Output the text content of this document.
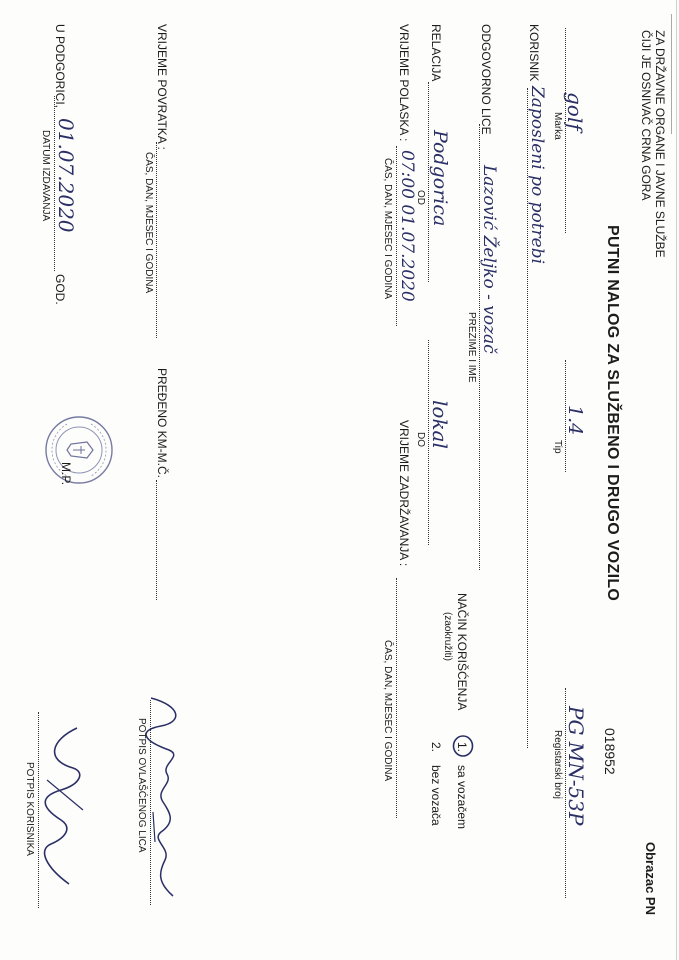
ZA DRŽAVNE ORGANE I JAVNE SLUŽBE
ČIJI JE OSNIVAČ CRNA GORA
Obrazac PN
PUTNI NALOG ZA SLUŽBENO I DRUGO VOZILO
018952
golf
Marka
1.4
Tip
PG MN-53P
Registarski broj
KORISNIK
Zaposleni po potrebi
ODGOVORNO LICE
Lazović Željko - vozač
PREZIME I IME
NAČIN KORIŠĆENJA
(zaokružiti)
1.
sa vozačem
2.
bez vozača
RELACIJA
Podgorica
OD
lokal
DO
VRIJEME POLASKA :
07:00 01.07.2020
ČAS, DAN, MJESEC I GODINA
VRIJEME ZADRŽAVANJA :
ČAS, DAN, MJESEC I GODINA
VRIJEME POVRATKA :
ČAS, DAN, MJESEC I GODINA
PREĐENO KM-M.Č.
POTPIS OVLAŠĆENOG LICA
U PODGORICI,
01.07.2020
GOD.
DATUM IZDAVANJA
M.P.
POTPIS KORISNIKA
